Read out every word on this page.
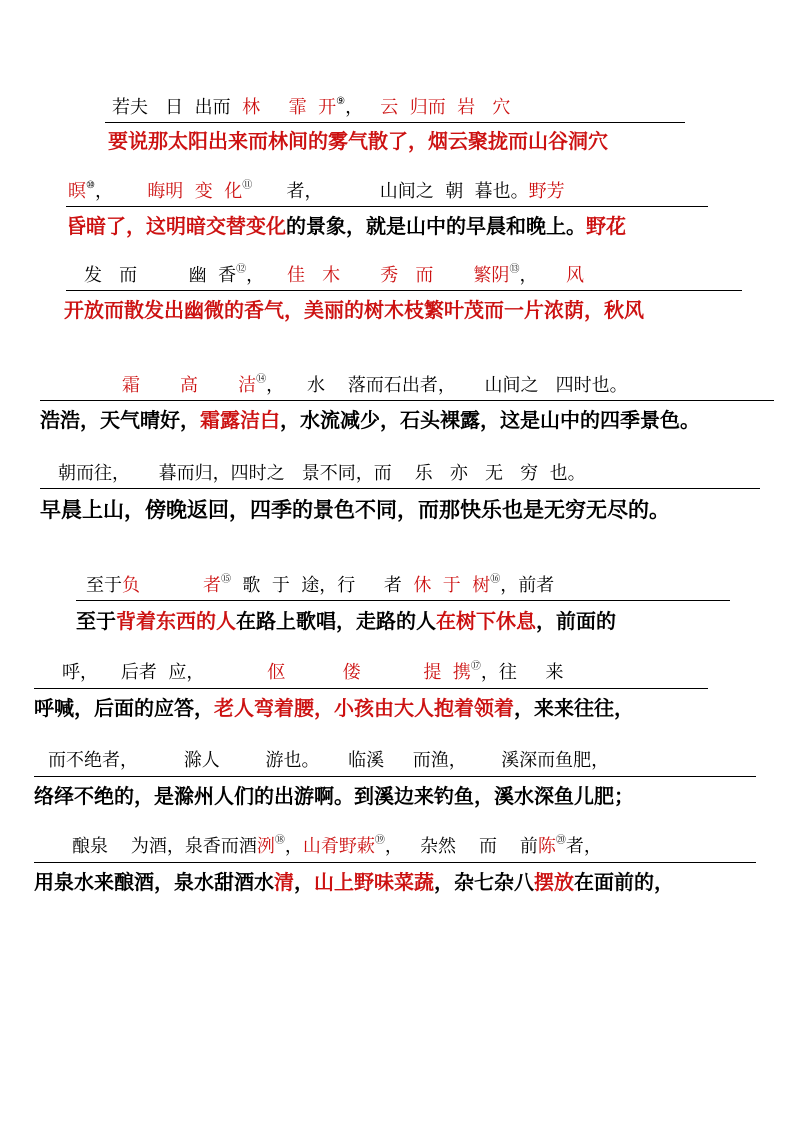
若夫   日  出而  林     霏  开⑨，   云  归而  岩   穴
要说那太阳出来而林间的雾气散了，烟云聚拢而山谷洞穴
暝⑩，      晦明  变  化⑪      者，          山间之  朝  暮也。野芳
昏暗了，这明暗交替变化的景象，就是山中的早晨和晚上。野花
发   而         幽  香⑫，    佳   木       秀   而       繁阴⑬，     风
开放而散发出幽微的香气，美丽的树木枝繁叶茂而一片浓荫，秋风
霜       高       洁⑭，    水    落而石出者，     山间之   四时也。
浩浩，天气晴好，霜露洁白，水流减少，石头裸露，这是山中的四季景色。
朝而往，     暮而归，四时之   景不同，而    乐   亦   无   穷  也。
早晨上山，傍晚返回，四季的景色不同，而那快乐也是无穷无尽的。
至于负           者⑮  歌  于  途，行     者  休  于  树⑯，前者
至于背着东西的人在路上歌唱，走路的人在树下休息，前面的
呼，    后者  应，           伛          偻           提  携⑰，往     来
呼喊，后面的应答，老人弯着腰，小孩由大人抱着领着，来来往往，
而不绝者，        滁人        游也。     临溪     而渔，      溪深而鱼肥，
络绎不绝的，是滁州人们的出游啊。到溪边来钓鱼，溪水深鱼儿肥；
酿泉    为酒，泉香而酒洌⑱，山肴野蔌⑲，   杂然    而    前陈⑳者，
用泉水来酿酒，泉水甜酒水清，山上野味菜蔬，杂七杂八摆放在面前的，
